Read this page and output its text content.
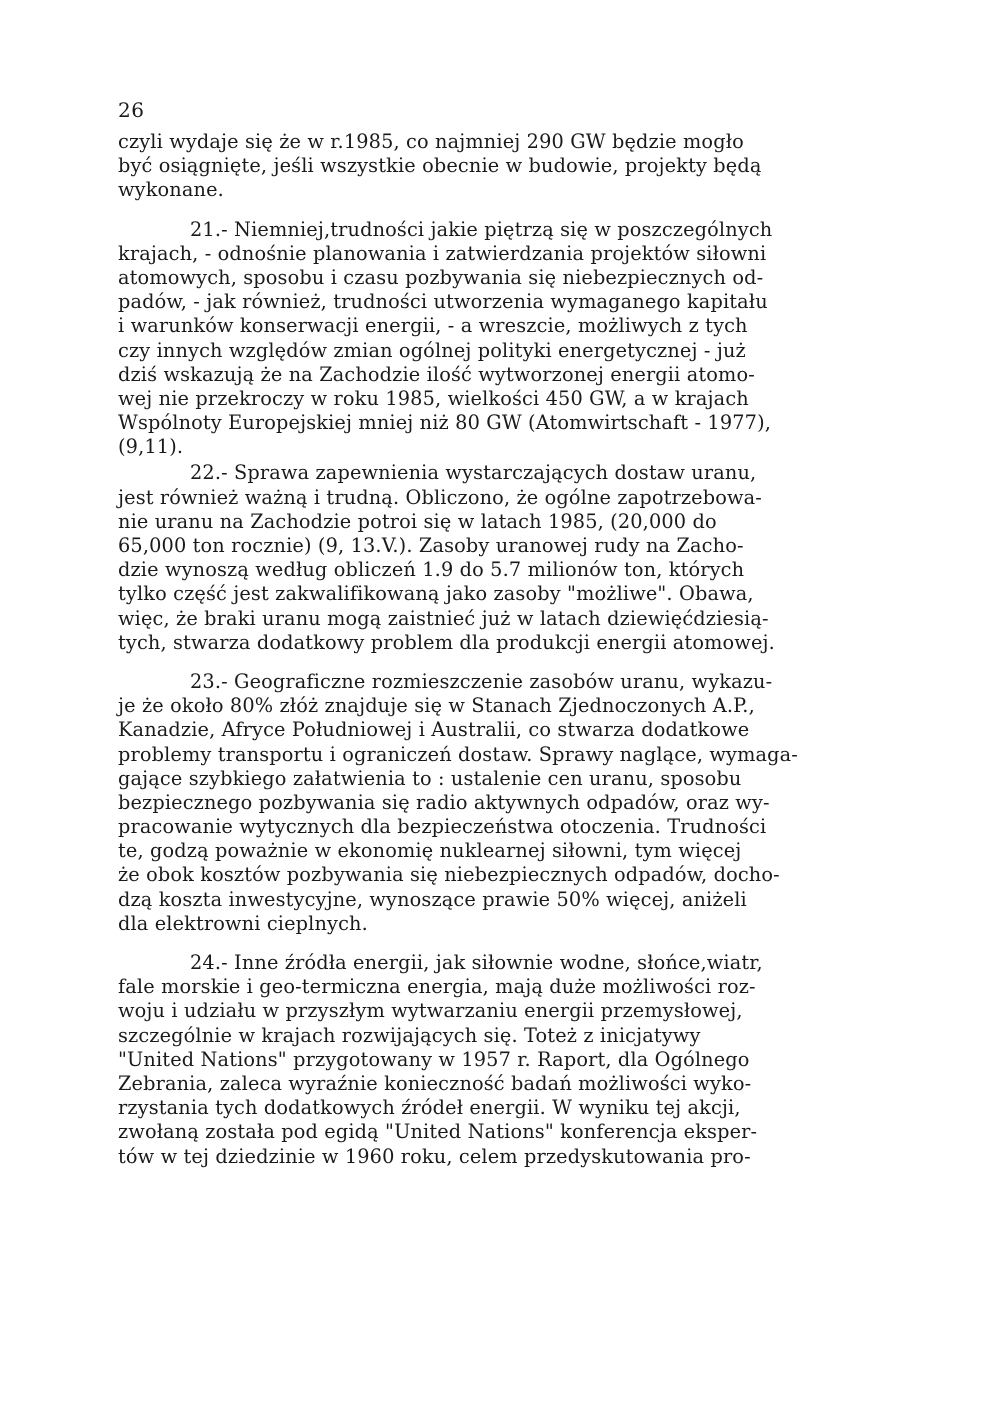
26
czyli wydaje się że w r.1985, co najmniej 290 GW będzie mogło
być osiągnięte, jeśli wszystkie obecnie w budowie, projekty będą
wykonane.
21.- Niemniej,trudności jakie piętrzą się w poszczególnych
krajach, - odnośnie planowania i zatwierdzania projektów siłowni
atomowych, sposobu i czasu pozbywania się niebezpiecznych od-
padów, - jak również, trudności utworzenia wymaganego kapitału
i warunków konserwacji energii, - a wreszcie, możliwych z tych
czy innych względów zmian ogólnej polityki energetycznej - już
dziś wskazują że na Zachodzie ilość wytworzonej energii atomo-
wej nie przekroczy w roku 1985, wielkości 450 GW, a w krajach
Wspólnoty Europejskiej mniej niż 80 GW (Atomwirtschaft - 1977),
(9,11).
22.- Sprawa zapewnienia wystarczających dostaw uranu,
jest również ważną i trudną. Obliczono, że ogólne zapotrzebowa-
nie uranu na Zachodzie potroi się w latach 1985, (20,000 do
65,000 ton rocznie) (9, 13.V.). Zasoby uranowej rudy na Zacho-
dzie wynoszą według obliczeń 1.9 do 5.7 milionów ton, których
tylko część jest zakwalifikowaną jako zasoby "możliwe". Obawa,
więc, że braki uranu mogą zaistnieć już w latach dziewięćdziesią-
tych, stwarza dodatkowy problem dla produkcji energii atomowej.
23.- Geograficzne rozmieszczenie zasobów uranu, wykazu-
je że około 80% złóż znajduje się w Stanach Zjednoczonych A.P.,
Kanadzie, Afryce Południowej i Australii, co stwarza dodatkowe
problemy transportu i ograniczeń dostaw. Sprawy naglące, wymaga-
gające szybkiego załatwienia to : ustalenie cen uranu, sposobu
bezpiecznego pozbywania się radio aktywnych odpadów, oraz wy-
pracowanie wytycznych dla bezpieczeństwa otoczenia. Trudności
te, godzą poważnie w ekonomię nuklearnej siłowni, tym więcej
że obok kosztów pozbywania się niebezpiecznych odpadów, docho-
dzą koszta inwestycyjne, wynoszące prawie 50% więcej, aniżeli
dla elektrowni cieplnych.
24.- Inne źródła energii, jak siłownie wodne, słońce,wiatr,
fale morskie i geo-termiczna energia, mają duże możliwości roz-
woju i udziału w przyszłym wytwarzaniu energii przemysłowej,
szczególnie w krajach rozwijających się. Toteż z inicjatywy
"United Nations" przygotowany w 1957 r. Raport, dla Ogólnego
Zebrania, zaleca wyraźnie konieczność badań możliwości wyko-
rzystania tych dodatkowych źródeł energii. W wyniku tej akcji,
zwołaną została pod egidą "United Nations" konferencja eksper-
tów w tej dziedzinie w 1960 roku, celem przedyskutowania pro-
